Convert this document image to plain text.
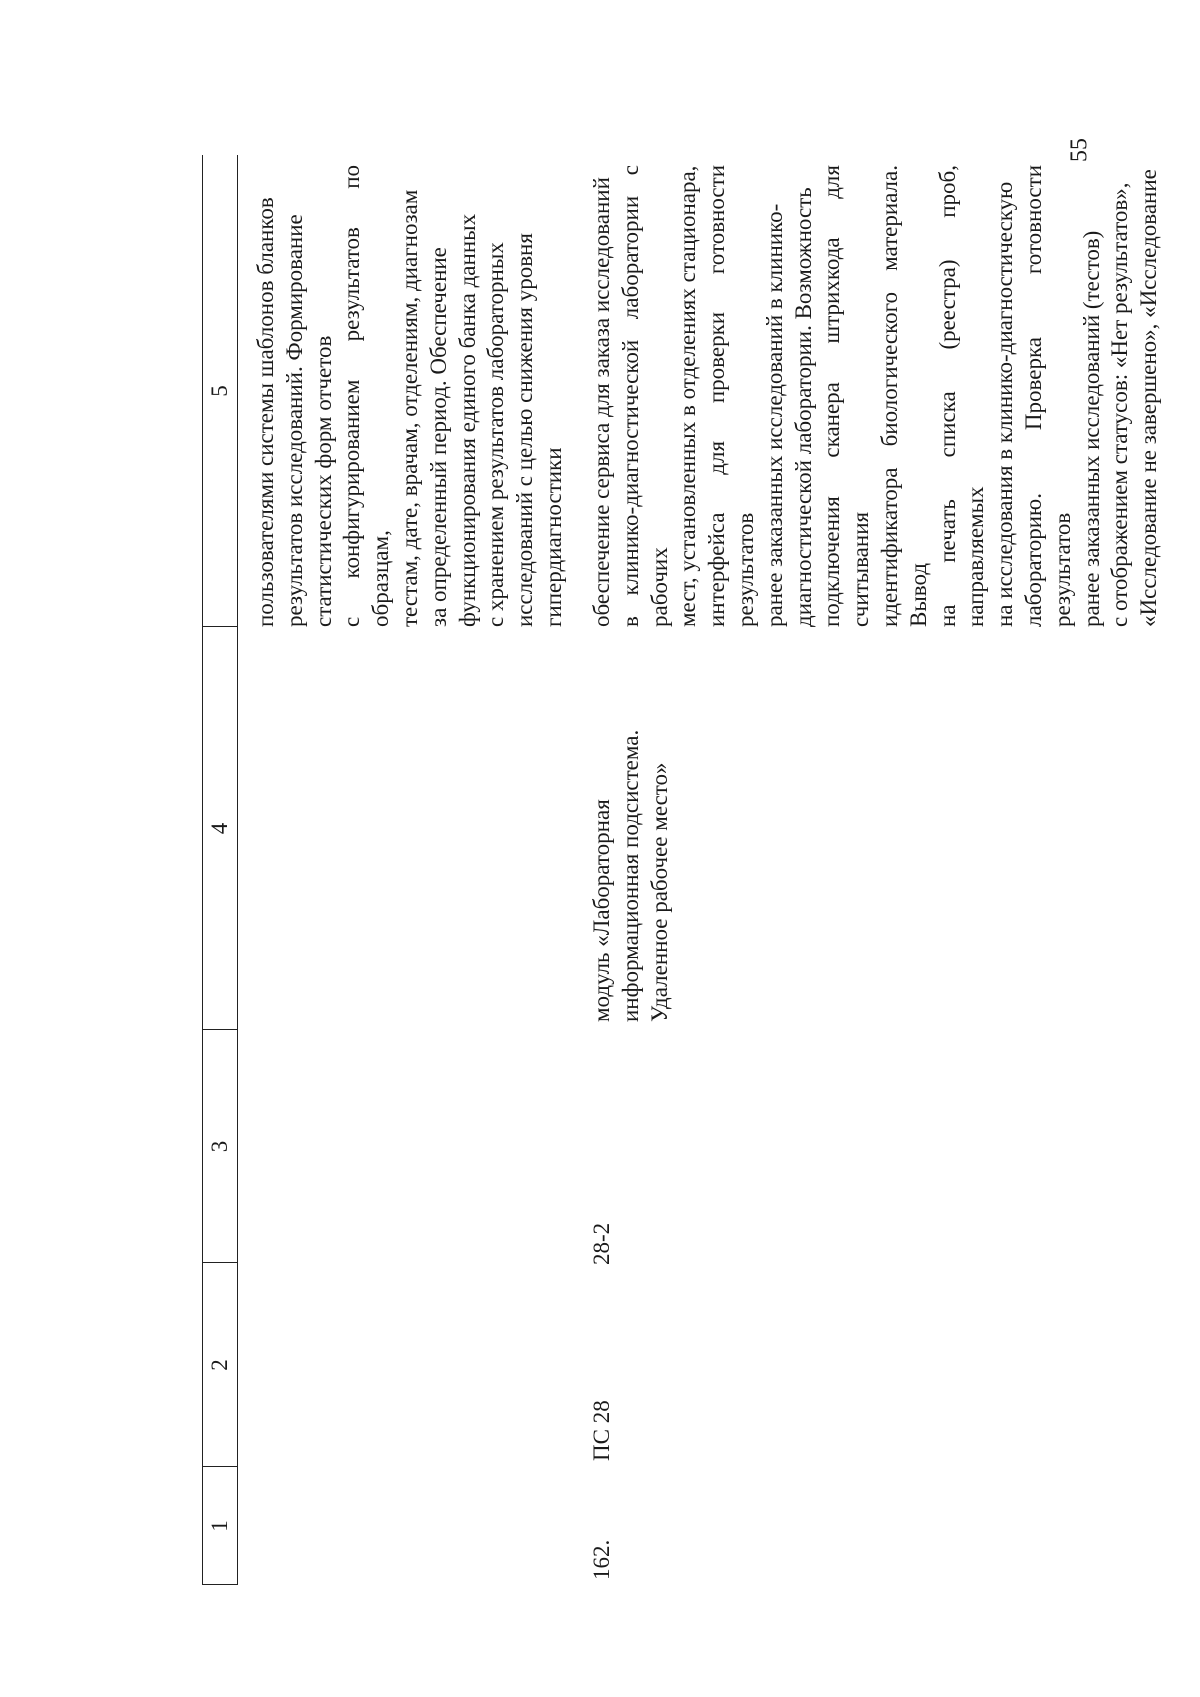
55
1
2
3
4
5
пользователями системы шаблонов бланков
результатов исследований. Формирование
статистических форм отчетов
с конфигурированием результатов по образцам,
тестам, дате, врачам, отделениям, диагнозам
за определенный период. Обеспечение
функционирования единого банка данных
с хранением результатов лабораторных
исследований с целью снижения уровня
гипердиагностики
162.
ПС 28
28-2
модуль «Лабораторная
информационная подсистема.
Удаленное рабочее место»
обеспечение сервиса для заказа исследований
в клинико-диагностической лаборатории с рабочих
мест, установленных в отделениях стационара,
интерфейса для проверки готовности результатов
ранее заказанных исследований в клинико-
диагностической лаборатории. Возможность
подключения сканера штрихкода для считывания
идентификатора биологического материала. Вывод
на печать списка (реестра) проб, направляемых
на исследования в клинико-диагностическую
лабораторию. Проверка готовности результатов
ранее заказанных исследований (тестов)
с отображением статусов: «Нет результатов»,
«Исследование не завершено», «Исследование
